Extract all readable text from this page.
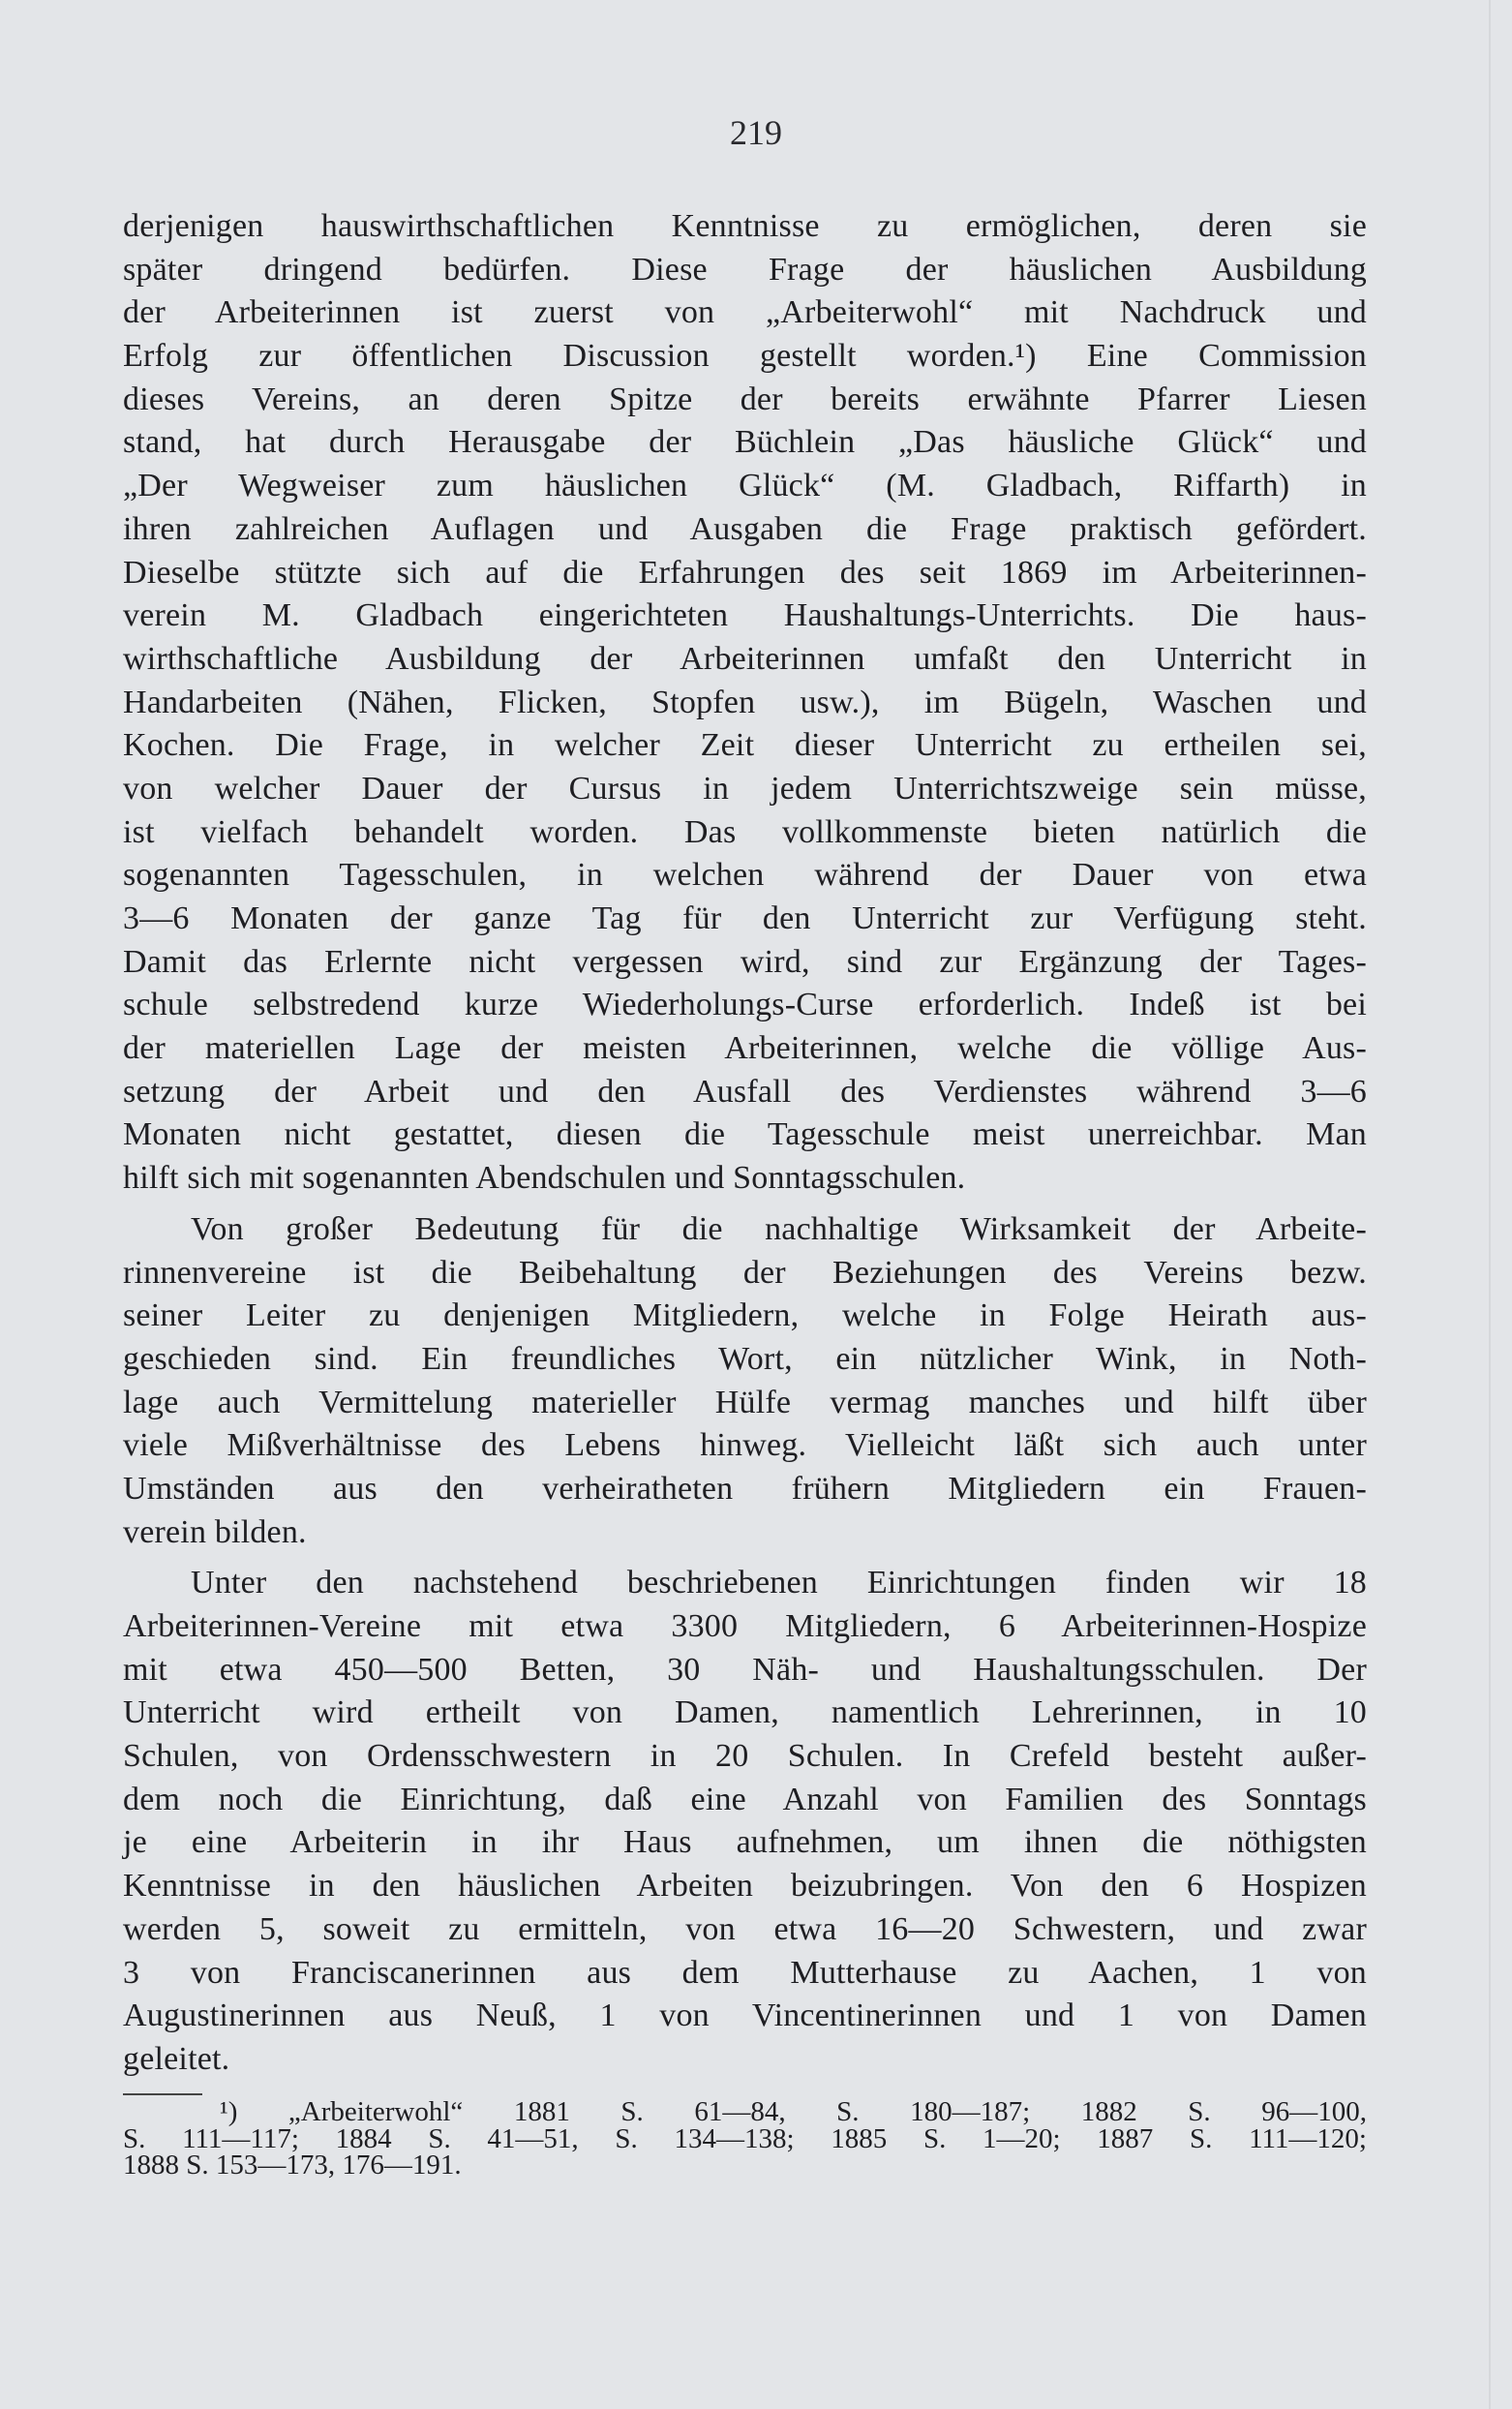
219
derjenigen hauswirthschaftlichen Kenntnisse zu ermöglichen, deren sie
später dringend bedürfen. Diese Frage der häuslichen Ausbildung
der Arbeiterinnen ist zuerst von „Arbeiterwohl“ mit Nachdruck und
Erfolg zur öffentlichen Discussion gestellt worden.¹) Eine Commission
dieses Vereins, an deren Spitze der bereits erwähnte Pfarrer Liesen
stand, hat durch Herausgabe der Büchlein „Das häusliche Glück“ und
„Der Wegweiser zum häuslichen Glück“ (M. Gladbach, Riffarth) in
ihren zahlreichen Auflagen und Ausgaben die Frage praktisch gefördert.
Dieselbe stützte sich auf die Erfahrungen des seit 1869 im Arbeiterinnen-
verein M. Gladbach eingerichteten Haushaltungs-Unterrichts. Die haus-
wirthschaftliche Ausbildung der Arbeiterinnen umfaßt den Unterricht in
Handarbeiten (Nähen, Flicken, Stopfen usw.), im Bügeln, Waschen und
Kochen. Die Frage, in welcher Zeit dieser Unterricht zu ertheilen sei,
von welcher Dauer der Cursus in jedem Unterrichtszweige sein müsse,
ist vielfach behandelt worden. Das vollkommenste bieten natürlich die
sogenannten Tagesschulen, in welchen während der Dauer von etwa
3—6 Monaten der ganze Tag für den Unterricht zur Verfügung steht.
Damit das Erlernte nicht vergessen wird, sind zur Ergänzung der Tages-
schule selbstredend kurze Wiederholungs-Curse erforderlich. Indeß ist bei
der materiellen Lage der meisten Arbeiterinnen, welche die völlige Aus-
setzung der Arbeit und den Ausfall des Verdienstes während 3—6
Monaten nicht gestattet, diesen die Tagesschule meist unerreichbar. Man
hilft sich mit sogenannten Abendschulen und Sonntagsschulen.
Von großer Bedeutung für die nachhaltige Wirksamkeit der Arbeite-
rinnenvereine ist die Beibehaltung der Beziehungen des Vereins bezw.
seiner Leiter zu denjenigen Mitgliedern, welche in Folge Heirath aus-
geschieden sind. Ein freundliches Wort, ein nützlicher Wink, in Noth-
lage auch Vermittelung materieller Hülfe vermag manches und hilft über
viele Mißverhältnisse des Lebens hinweg. Vielleicht läßt sich auch unter
Umständen aus den verheiratheten frühern Mitgliedern ein Frauen-
verein bilden.
Unter den nachstehend beschriebenen Einrichtungen finden wir 18
Arbeiterinnen-Vereine mit etwa 3300 Mitgliedern, 6 Arbeiterinnen-Hospize
mit etwa 450—500 Betten, 30 Näh- und Haushaltungsschulen. Der
Unterricht wird ertheilt von Damen, namentlich Lehrerinnen, in 10
Schulen, von Ordensschwestern in 20 Schulen. In Crefeld besteht außer-
dem noch die Einrichtung, daß eine Anzahl von Familien des Sonntags
je eine Arbeiterin in ihr Haus aufnehmen, um ihnen die nöthigsten
Kenntnisse in den häuslichen Arbeiten beizubringen. Von den 6 Hospizen
werden 5, soweit zu ermitteln, von etwa 16—20 Schwestern, und zwar
3 von Franciscanerinnen aus dem Mutterhause zu Aachen, 1 von
Augustinerinnen aus Neuß, 1 von Vincentinerinnen und 1 von Damen
geleitet.
¹) „Arbeiterwohl“ 1881 S. 61—84, S. 180—187; 1882 S. 96—100,
S. 111—117; 1884 S. 41—51, S. 134—138; 1885 S. 1—20; 1887 S. 111—120;
1888 S. 153—173, 176—191.
